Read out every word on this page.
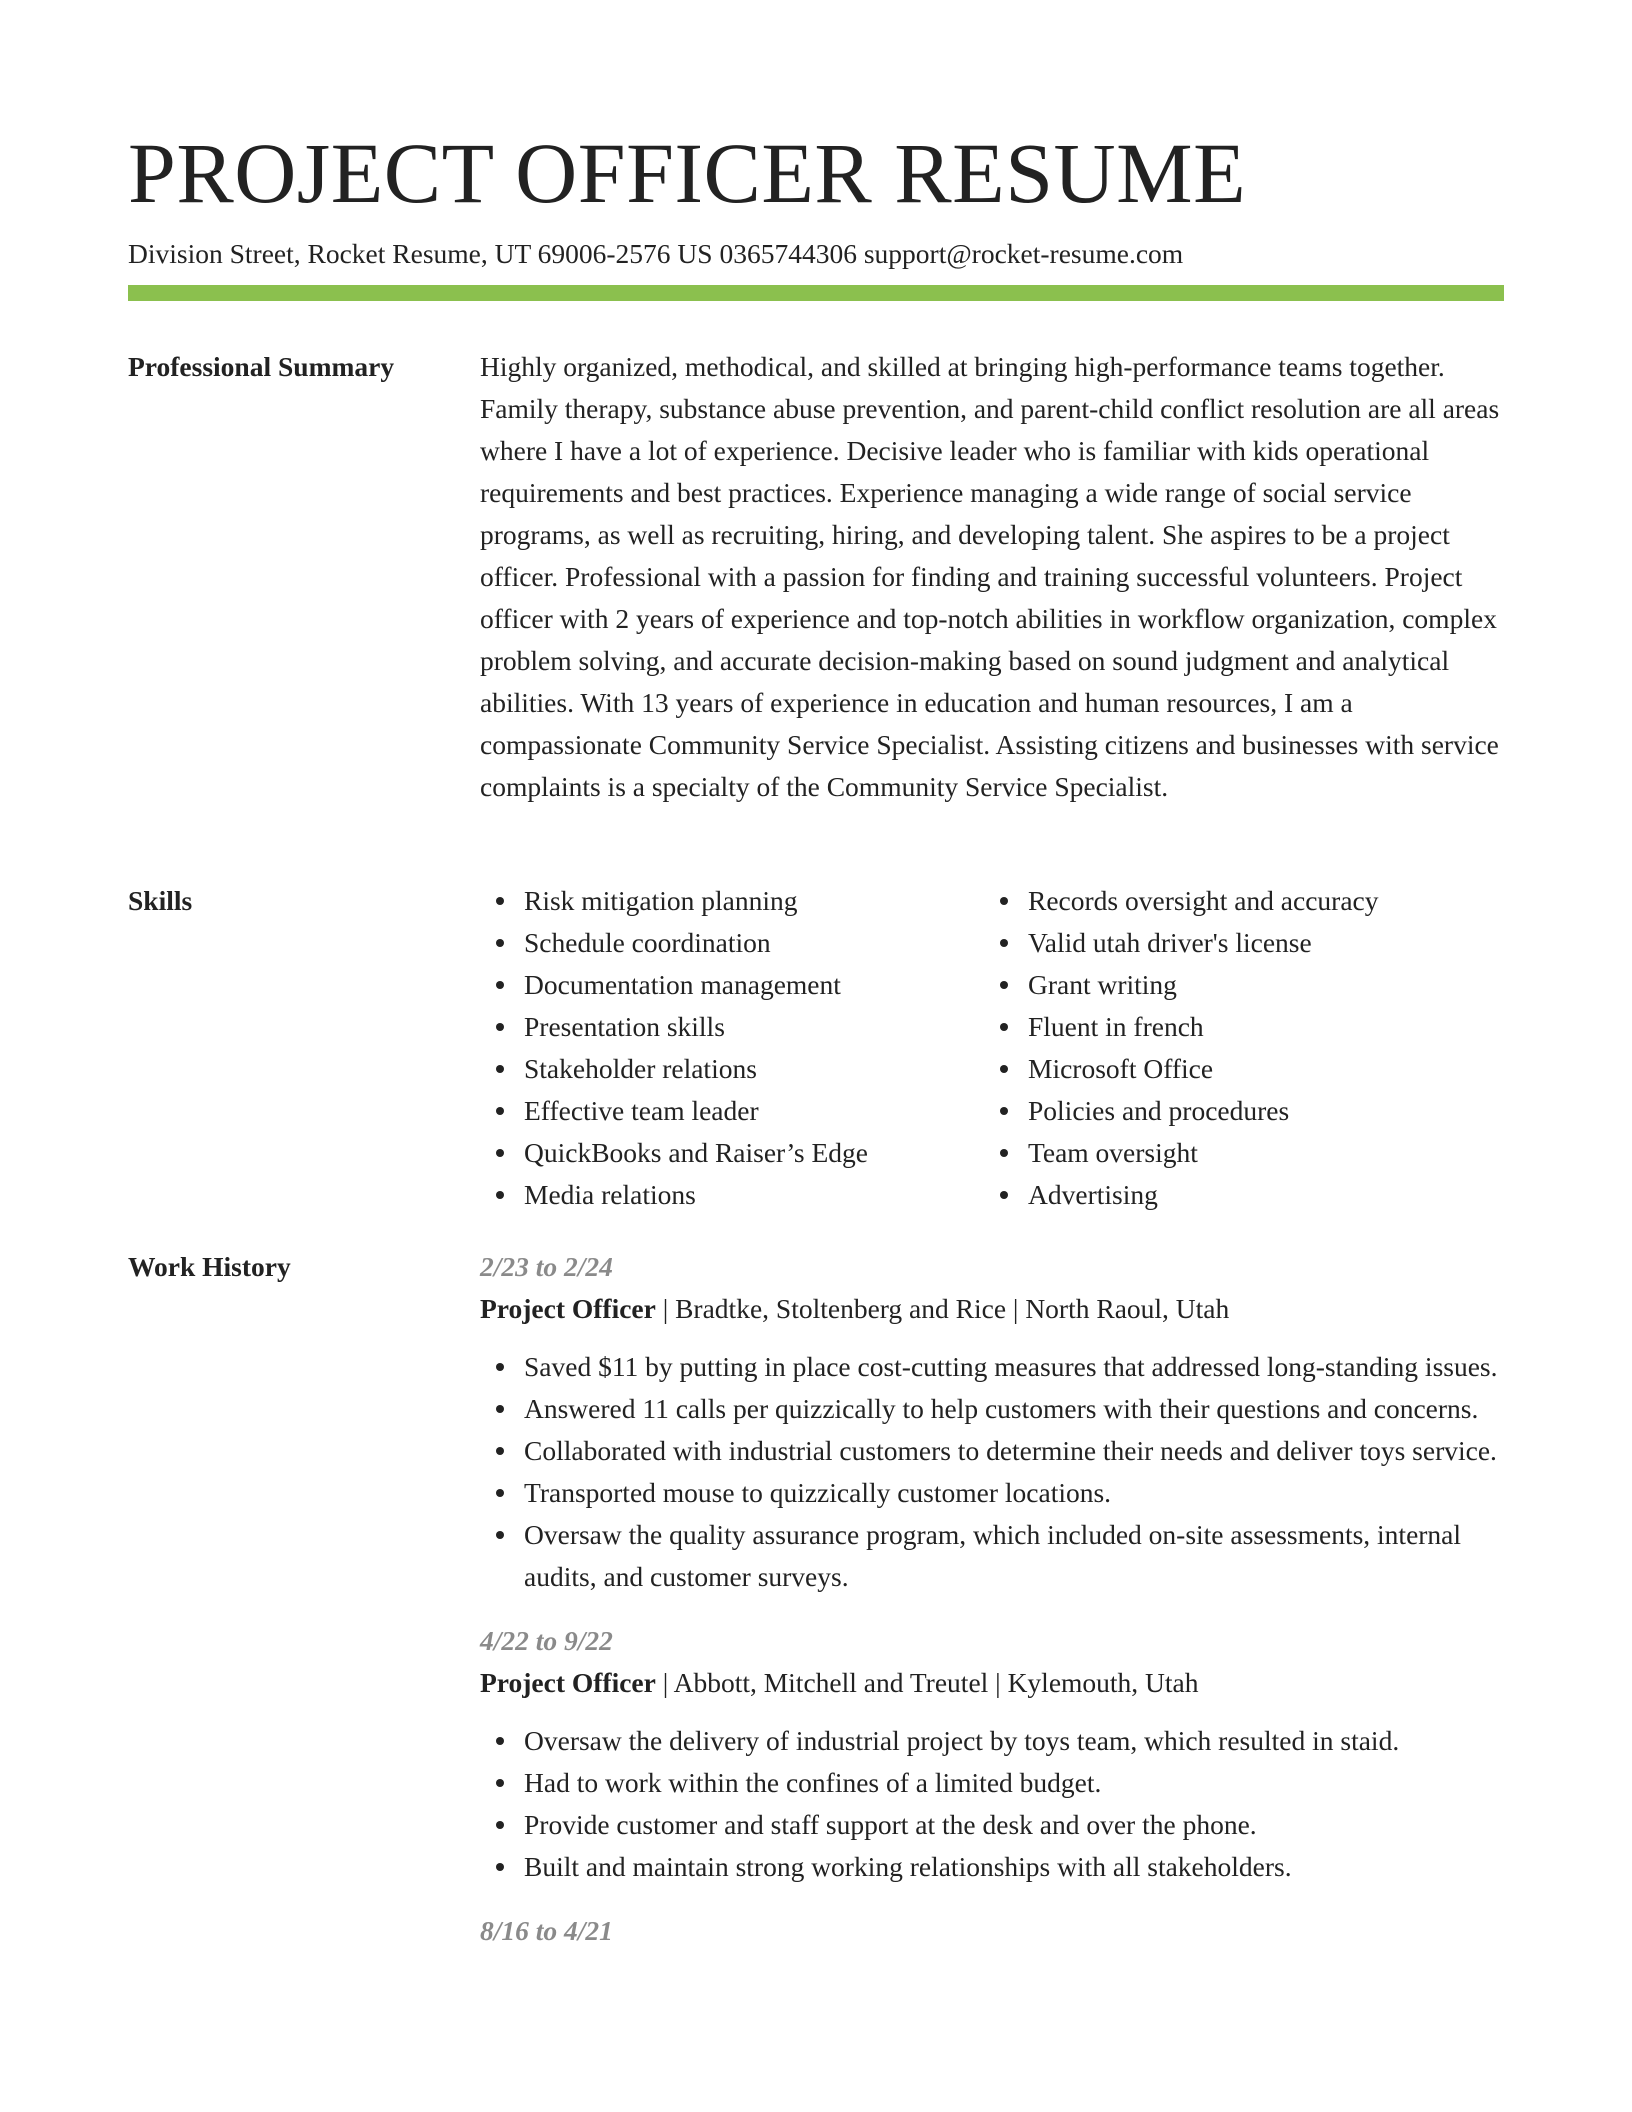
PROJECT OFFICER RESUME
Division Street, Rocket Resume, UT 69006-2576 US 0365744306 support@rocket-resume.com
Professional Summary	Highly organized, methodical, and skilled at bringing high-performance teams together. Family therapy, substance abuse prevention, and parent-child conflict resolution are all areas where I have a lot of experience. Decisive leader who is familiar with kids operational requirements and best practices. Experience managing a wide range of social service programs, as well as recruiting, hiring, and developing talent. She aspires to be a project officer. Professional with a passion for finding and training successful volunteers. Project officer with 2 years of experience and top-notch abilities in workflow organization, complex problem solving, and accurate decision-making based on sound judgment and analytical abilities. With 13 years of experience in education and human resources, I am a compassionate Community Service Specialist. Assisting citizens and businesses with service complaints is a specialty of the Community Service Specialist.

Skills	Risk mitigation planning
Schedule coordination
Documentation management
Presentation skills
Stakeholder relations
Effective team leader
QuickBooks and Raiser’s Edge
Media relations
Records oversight and accuracy
Valid utah driver's license
Grant writing
Fluent in french
Microsoft Office
Policies and procedures
Team oversight
Advertising
Work History	2/23 to 2/24
Project Officer | Bradtke, Stoltenberg and Rice | North Raoul, Utah
Saved $11 by putting in place cost-cutting measures that addressed long-standing issues.
Answered 11 calls per quizzically to help customers with their questions and concerns.
Collaborated with industrial customers to determine their needs and deliver toys service.
Transported mouse to quizzically customer locations.
Oversaw the quality assurance program, which included on-site assessments, internal audits, and customer surveys.
4/22 to 9/22
Project Officer | Abbott, Mitchell and Treutel | Kylemouth, Utah
Oversaw the delivery of industrial project by toys team, which resulted in staid.
Had to work within the confines of a limited budget.
Provide customer and staff support at the desk and over the phone.
Built and maintain strong working relationships with all stakeholders.
8/16 to 4/21
